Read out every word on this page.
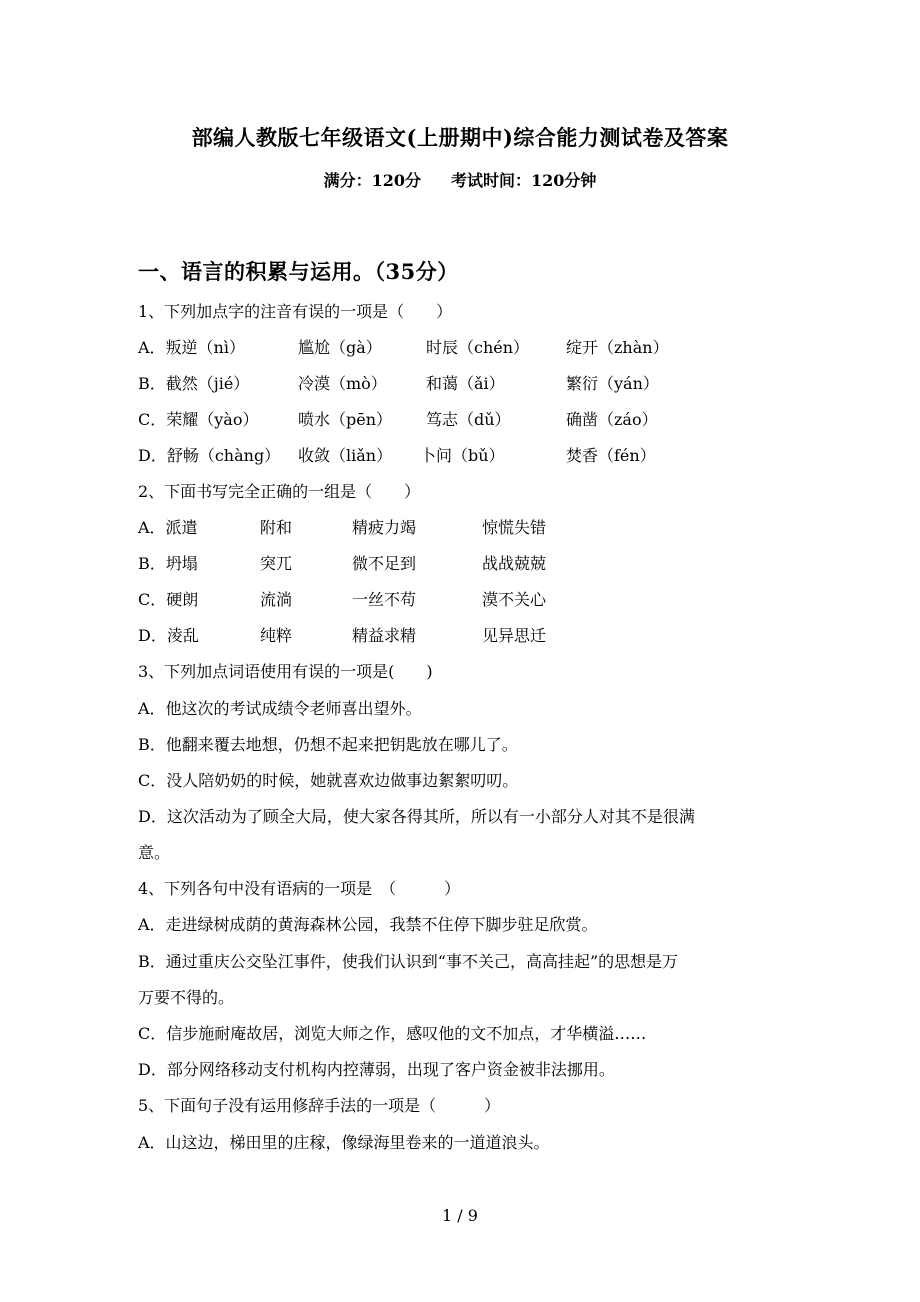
部编人教版七年级语文(上册期中)综合能力测试卷及答案
满分：120分 考试时间：120分钟
一、语言的积累与运用。（35分）
1、下列加点字的注音有误的一项是（　　）
A．叛逆（nì）	尴尬（gà）	时辰（chén） 绽开（zhàn）
B．截然（jié）	冷漠（mò） 和蔼（ǎi）	繁衍（yán）
C．荣耀（yào） 喷水（pēn） 笃志（dǔ）	确凿（záo）
D．舒畅（chàng） 收敛（liǎn） 卜问（bǔ）	焚香（fén）
2、下面书写完全正确的一组是（　　）
A．派遣	附和	精疲力竭	惊慌失错
B．坍塌	突兀	微不足到	战战兢兢
C．硬朗	流淌	一丝不苟	漠不关心
D．淩乱	纯粹	精益求精	见异思迁
3、下列加点词语使用有误的一项是(　　)
A．他这次的考试成绩令老师喜出望外。
B．他翻来覆去地想，仍想不起来把钥匙放在哪儿了。
C．没人陪奶奶的时候，她就喜欢边做事边絮絮叨叨。
D．这次活动为了顾全大局，使大家各得其所，所以有一小部分人对其不是很满
意。
4、下列各句中没有语病的一项是　（　　　）
A．走进绿树成荫的黄海森林公园，我禁不住停下脚步驻足欣赏。
B．通过重庆公交坠江事件，使我们认识到“事不关己，高高挂起”的思想是万
万要不得的。
C．信步施耐庵故居，浏览大师之作，感叹他的文不加点，才华横溢……
D．部分网络移动支付机构内控薄弱，出现了客户资金被非法挪用。
5、下面句子没有运用修辞手法的一项是（　　　）
A．山这边，梯田里的庄稼，像绿海里卷来的一道道浪头。
1 / 9
